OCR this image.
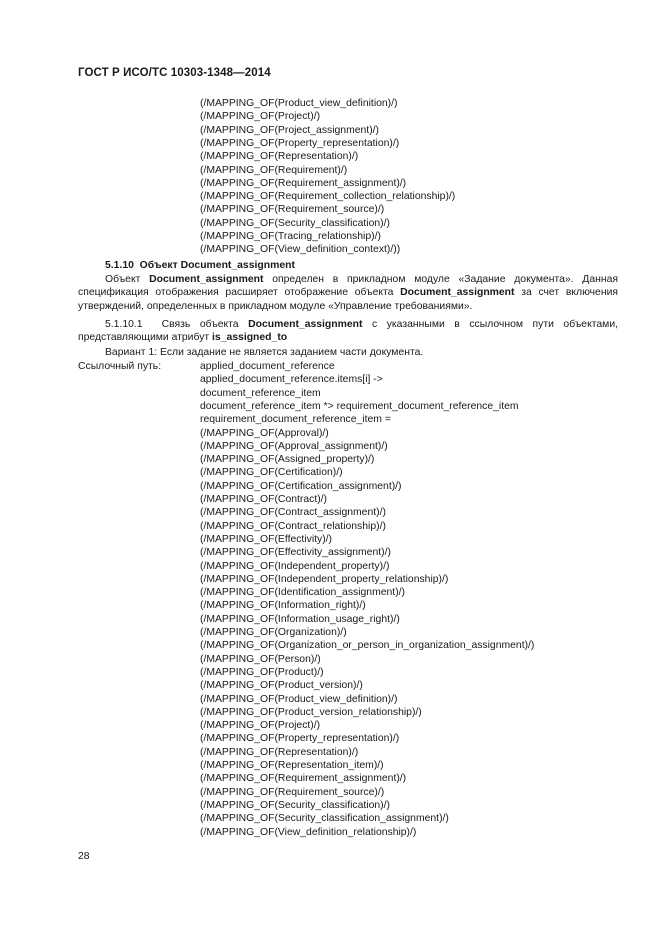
ГОСТ Р ИСО/ТС 10303-1348—2014
(/MAPPING_OF(Product_view_definition)/)
(/MAPPING_OF(Project)/)
(/MAPPING_OF(Project_assignment)/)
(/MAPPING_OF(Property_representation)/)
(/MAPPING_OF(Representation)/)
(/MAPPING_OF(Requirement)/)
(/MAPPING_OF(Requirement_assignment)/)
(/MAPPING_OF(Requirement_collection_relationship)/)
(/MAPPING_OF(Requirement_source)/)
(/MAPPING_OF(Security_classification)/)
(/MAPPING_OF(Tracing_relationship)/)
(/MAPPING_OF(View_definition_context)/))
5.1.10 Объект Document_assignment
Объект Document_assignment определен в прикладном модуле «Задание документа». Данная спецификация отображения расширяет отображение объекта Document_assignment за счет включения утверждений, определенных в прикладном модуле «Управление требованиями».
5.1.10.1 Связь объекта Document_assignment с указанными в ссылочном пути объектами, представляющими атрибут is_assigned_to
Вариант 1: Если задание не является заданием части документа.
Ссылочный путь:	applied_document_reference
applied_document_reference.items[i] ->
document_reference_item
document_reference_item *> requirement_document_reference_item
requirement_document_reference_item =
(/MAPPING_OF(Approval)/)
(/MAPPING_OF(Approval_assignment)/)
(/MAPPING_OF(Assigned_property)/)
(/MAPPING_OF(Certification)/)
(/MAPPING_OF(Certification_assignment)/)
(/MAPPING_OF(Contract)/)
(/MAPPING_OF(Contract_assignment)/)
(/MAPPING_OF(Contract_relationship)/)
(/MAPPING_OF(Effectivity)/)
(/MAPPING_OF(Effectivity_assignment)/)
(/MAPPING_OF(Independent_property)/)
(/MAPPING_OF(Independent_property_relationship)/)
(/MAPPING_OF(Identification_assignment)/)
(/MAPPING_OF(Information_right)/)
(/MAPPING_OF(Information_usage_right)/)
(/MAPPING_OF(Organization)/)
(/MAPPING_OF(Organization_or_person_in_organization_assignment)/)
(/MAPPING_OF(Person)/)
(/MAPPING_OF(Product)/)
(/MAPPING_OF(Product_version)/)
(/MAPPING_OF(Product_view_definition)/)
(/MAPPING_OF(Product_version_relationship)/)
(/MAPPING_OF(Project)/)
(/MAPPING_OF(Property_representation)/)
(/MAPPING_OF(Representation)/)
(/MAPPING_OF(Representation_item)/)
(/MAPPING_OF(Requirement_assignment)/)
(/MAPPING_OF(Requirement_source)/)
(/MAPPING_OF(Security_classification)/)
(/MAPPING_OF(Security_classification_assignment)/)
(/MAPPING_OF(View_definition_relationship)/)
28
